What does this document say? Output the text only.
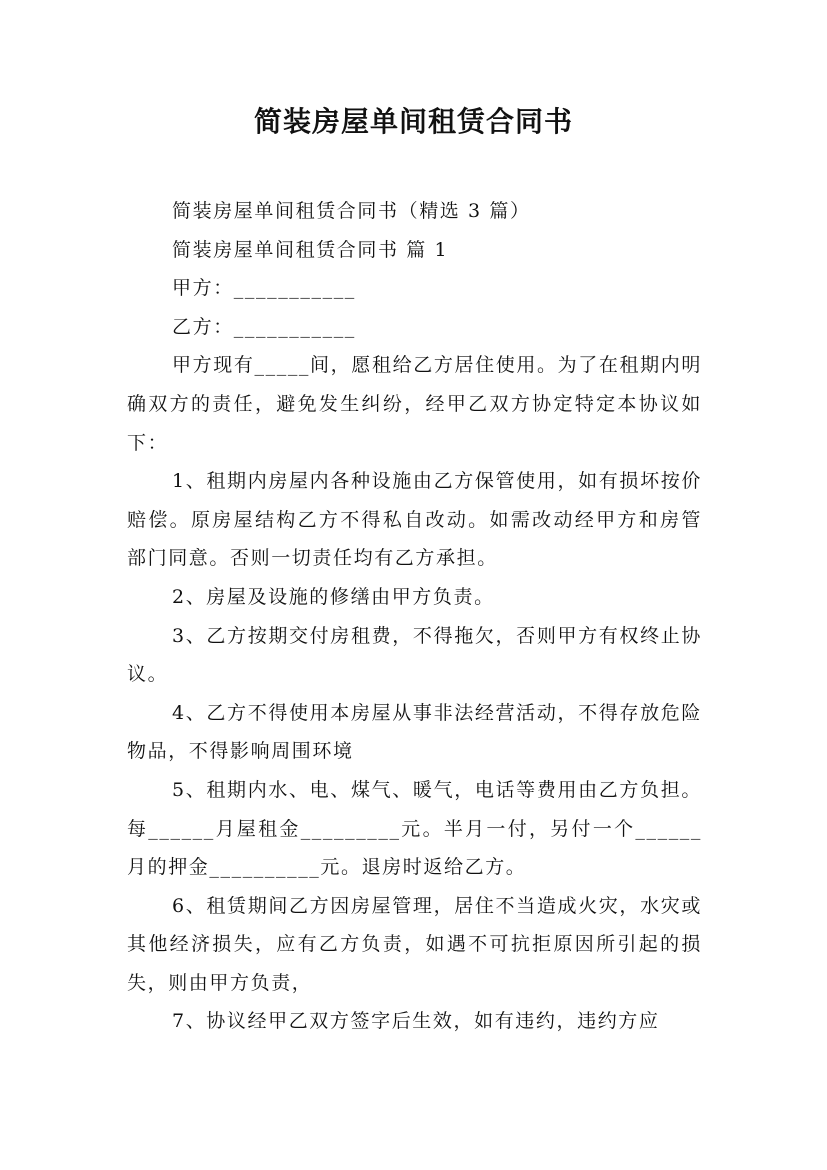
简装房屋单间租赁合同书

简装房屋单间租赁合同书（精选 3 篇）

简装房屋单间租赁合同书 篇 1

甲方：___________

乙方：___________

甲方现有_____间，愿租给乙方居住使用。为了在租期内明确双方的责任，避免发生纠纷，经甲乙双方协定特定本协议如下：

1、租期内房屋内各种设施由乙方保管使用，如有损坏按价赔偿。原房屋结构乙方不得私自改动。如需改动经甲方和房管部门同意。否则一切责任均有乙方承担。

2、房屋及设施的修缮由甲方负责。

3、乙方按期交付房租费，不得拖欠，否则甲方有权终止协议。

4、乙方不得使用本房屋从事非法经营活动，不得存放危险物品，不得影响周围环境

5、租期内水、电、煤气、暖气，电话等费用由乙方负担。每______月屋租金_________元。半月一付，另付一个______月的押金__________元。退房时返给乙方。

6、租赁期间乙方因房屋管理，居住不当造成火灾，水灾或其他经济损失，应有乙方负责，如遇不可抗拒原因所引起的损失，则由甲方负责，

7、协议经甲乙双方签字后生效，如有违约，违约方应
